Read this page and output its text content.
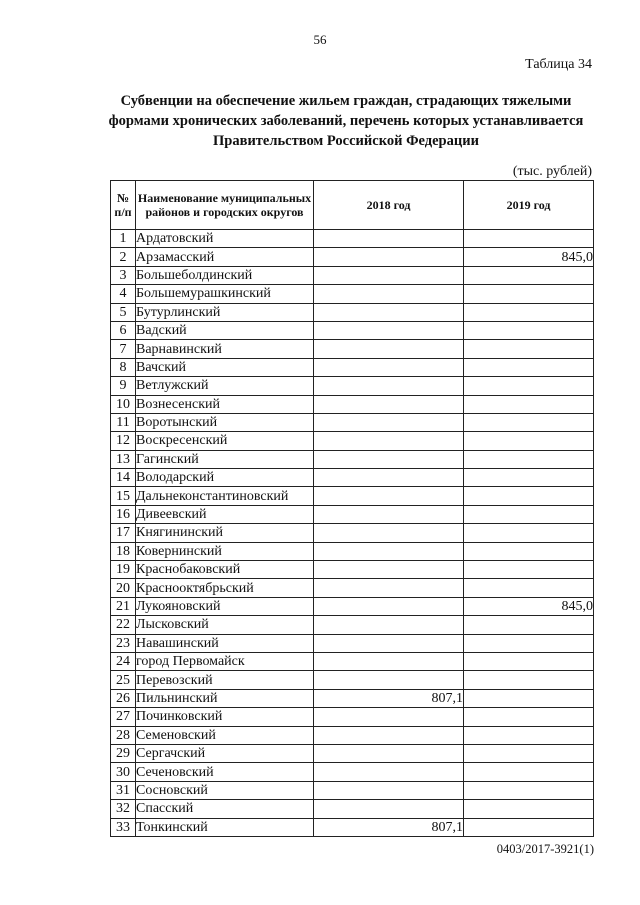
56
Таблица 34
Субвенции на обеспечение жильем граждан, страдающих тяжелыми формами хронических заболеваний, перечень которых устанавливается Правительством Российской Федерации
(тыс. рублей)
№ п/п	Наименование муниципальных районов и городских округов	2018 год	2019 год
1	Ардатовский		
2	Арзамасский		845,0
3	Большеболдинский		
4	Большемурашкинский		
5	Бутурлинский		
6	Вадский		
7	Варнавинский		
8	Вачский		
9	Ветлужский		
10	Вознесенский		
11	Воротынский		
12	Воскресенский		
13	Гагинский		
14	Володарский		
15	Дальнеконстантиновский		
16	Дивеевский		
17	Княгининский		
18	Ковернинский		
19	Краснобаковский		
20	Краснооктябрьский		
21	Лукояновский		845,0
22	Лысковский		
23	Навашинский		
24	город Первомайск		
25	Перевозский		
26	Пильнинский	807,1	
27	Починковский		
28	Семеновский		
29	Сергачский		
30	Сеченовский		
31	Сосновский		
32	Спасский		
33	Тонкинский	807,1	
0403/2017-3921(1)
